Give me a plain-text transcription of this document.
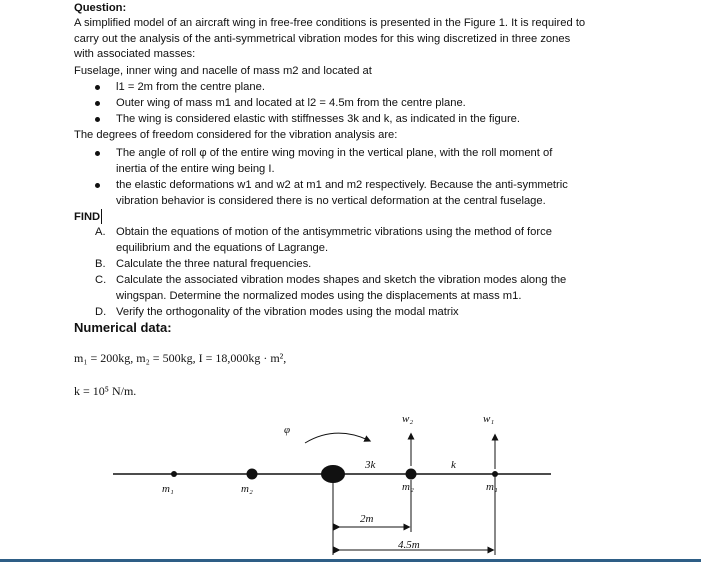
Question:
A simplified model of an aircraft wing in free-free conditions is presented in the Figure 1. It is required to
carry out the analysis of the anti-symmetrical vibration modes for this wing discretized in three zones
with associated masses:
Fuselage, inner wing and nacelle of mass m2 and located at
l1 = 2m from the centre plane.
Outer wing of mass m1 and located at l2 = 4.5m from the centre plane.
The wing is considered elastic with stiffnesses 3k and k, as indicated in the figure.
The degrees of freedom considered for the vibration analysis are:
The angle of roll φ of the entire wing moving in the vertical plane, with the roll moment of
inertia of the entire wing being I.
the elastic deformations w1 and w2 at m1 and m2 respectively. Because the anti-symmetric
vibration behavior is considered there is no vertical deformation at the central fuselage.
FIND
A. Obtain the equations of motion of the antisymmetric vibrations using the method of force
equilibrium and the equations of Lagrange.
B. Calculate the three natural frequencies.
C. Calculate the associated vibration modes shapes and sketch the vibration modes along the
wingspan. Determine the normalized modes using the displacements at mass m1.
D. Verify the orthogonality of the vibration modes using the modal matrix
Numerical data:
m₁ = 200kg, m₂ = 500kg, I = 18,000kg · m²,
k = 10⁵ N/m.
φ
w₂	w₁
3k	k
m₁	m₂	m₂	m₁
2m
4.5m
